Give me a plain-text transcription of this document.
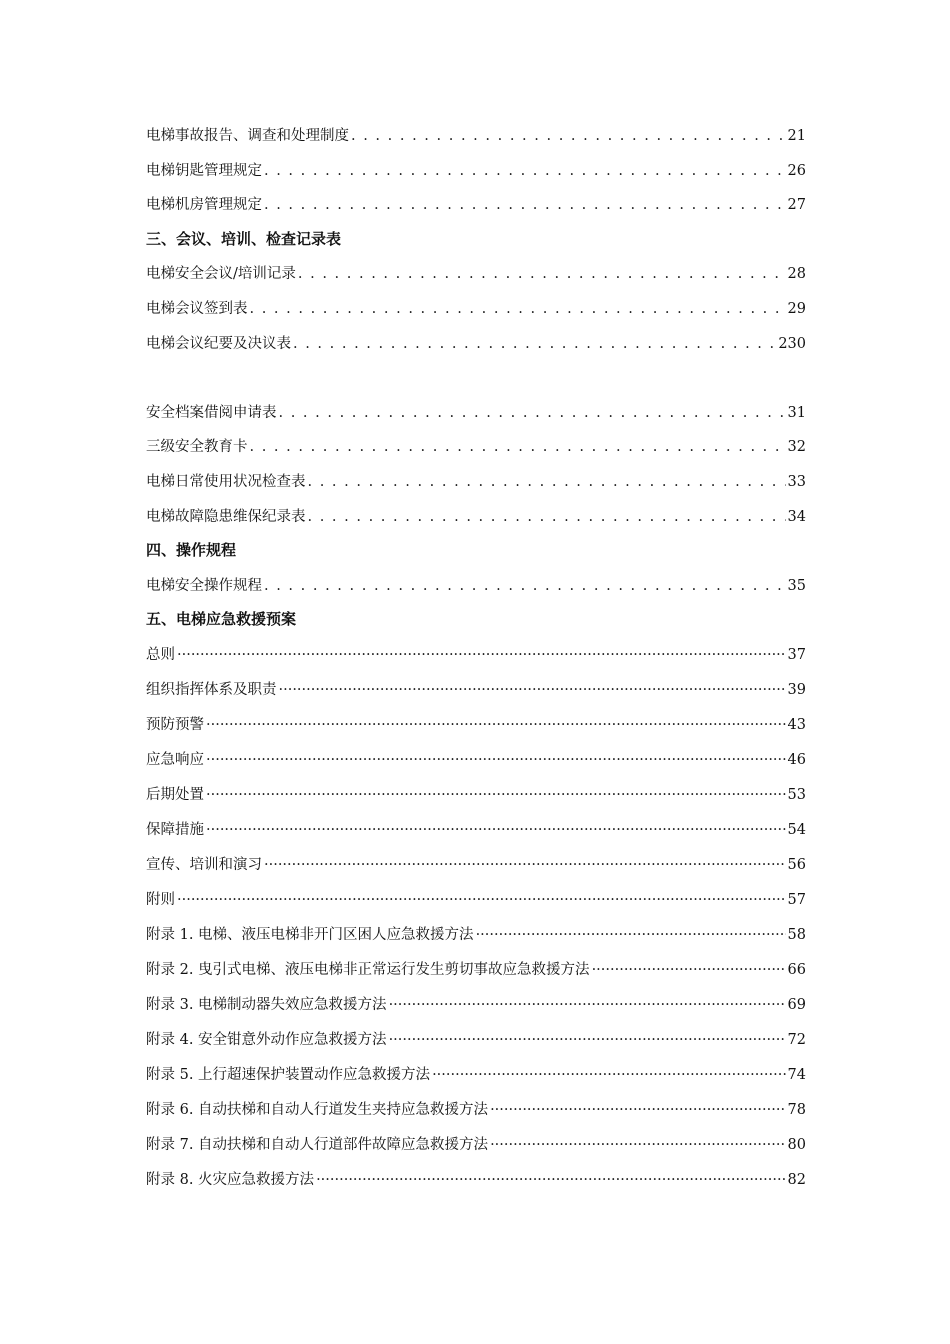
电梯事故报告、调查和处理制度 . . .	21
电梯钥匙管理规定 . . .	26
电梯机房管理规定 . . .	27
三、会议、培训、检查记录表
电梯安全会议/培训记录 . . .	28
电梯会议签到表 . . .	29
电梯会议纪要及决议表 . . .	230
安全档案借阅申请表 . . .	31
三级安全教育卡 . . .	32
电梯日常使用状况检查表 . . .	33
电梯故障隐患维保纪录表 . . .	34
四、操作规程
电梯安全操作规程 . . .	35
五、电梯应急救援预案
总则 ·····	37
组织指挥体系及职责 ·····	39
预防预警 ·····	43
应急响应 ·····	46
后期处置 ·····	53
保障措施 ·····	54
宣传、培训和演习 ·····	56
附则 ·····	57
附录 1. 电梯、液压电梯非开门区困人应急救援方法 ·····	58
附录 2. 曳引式电梯、液压电梯非正常运行发生剪切事故应急救援方法 ·····	66
附录 3. 电梯制动器失效应急救援方法 ·····	69
附录 4. 安全钳意外动作应急救援方法 ·····	72
附录 5. 上行超速保护装置动作应急救援方法 ·····	74
附录 6. 自动扶梯和自动人行道发生夹持应急救援方法 ·····	78
附录 7. 自动扶梯和自动人行道部件故障应急救援方法 ·····	80
附录 8. 火灾应急救援方法 ·····	82
